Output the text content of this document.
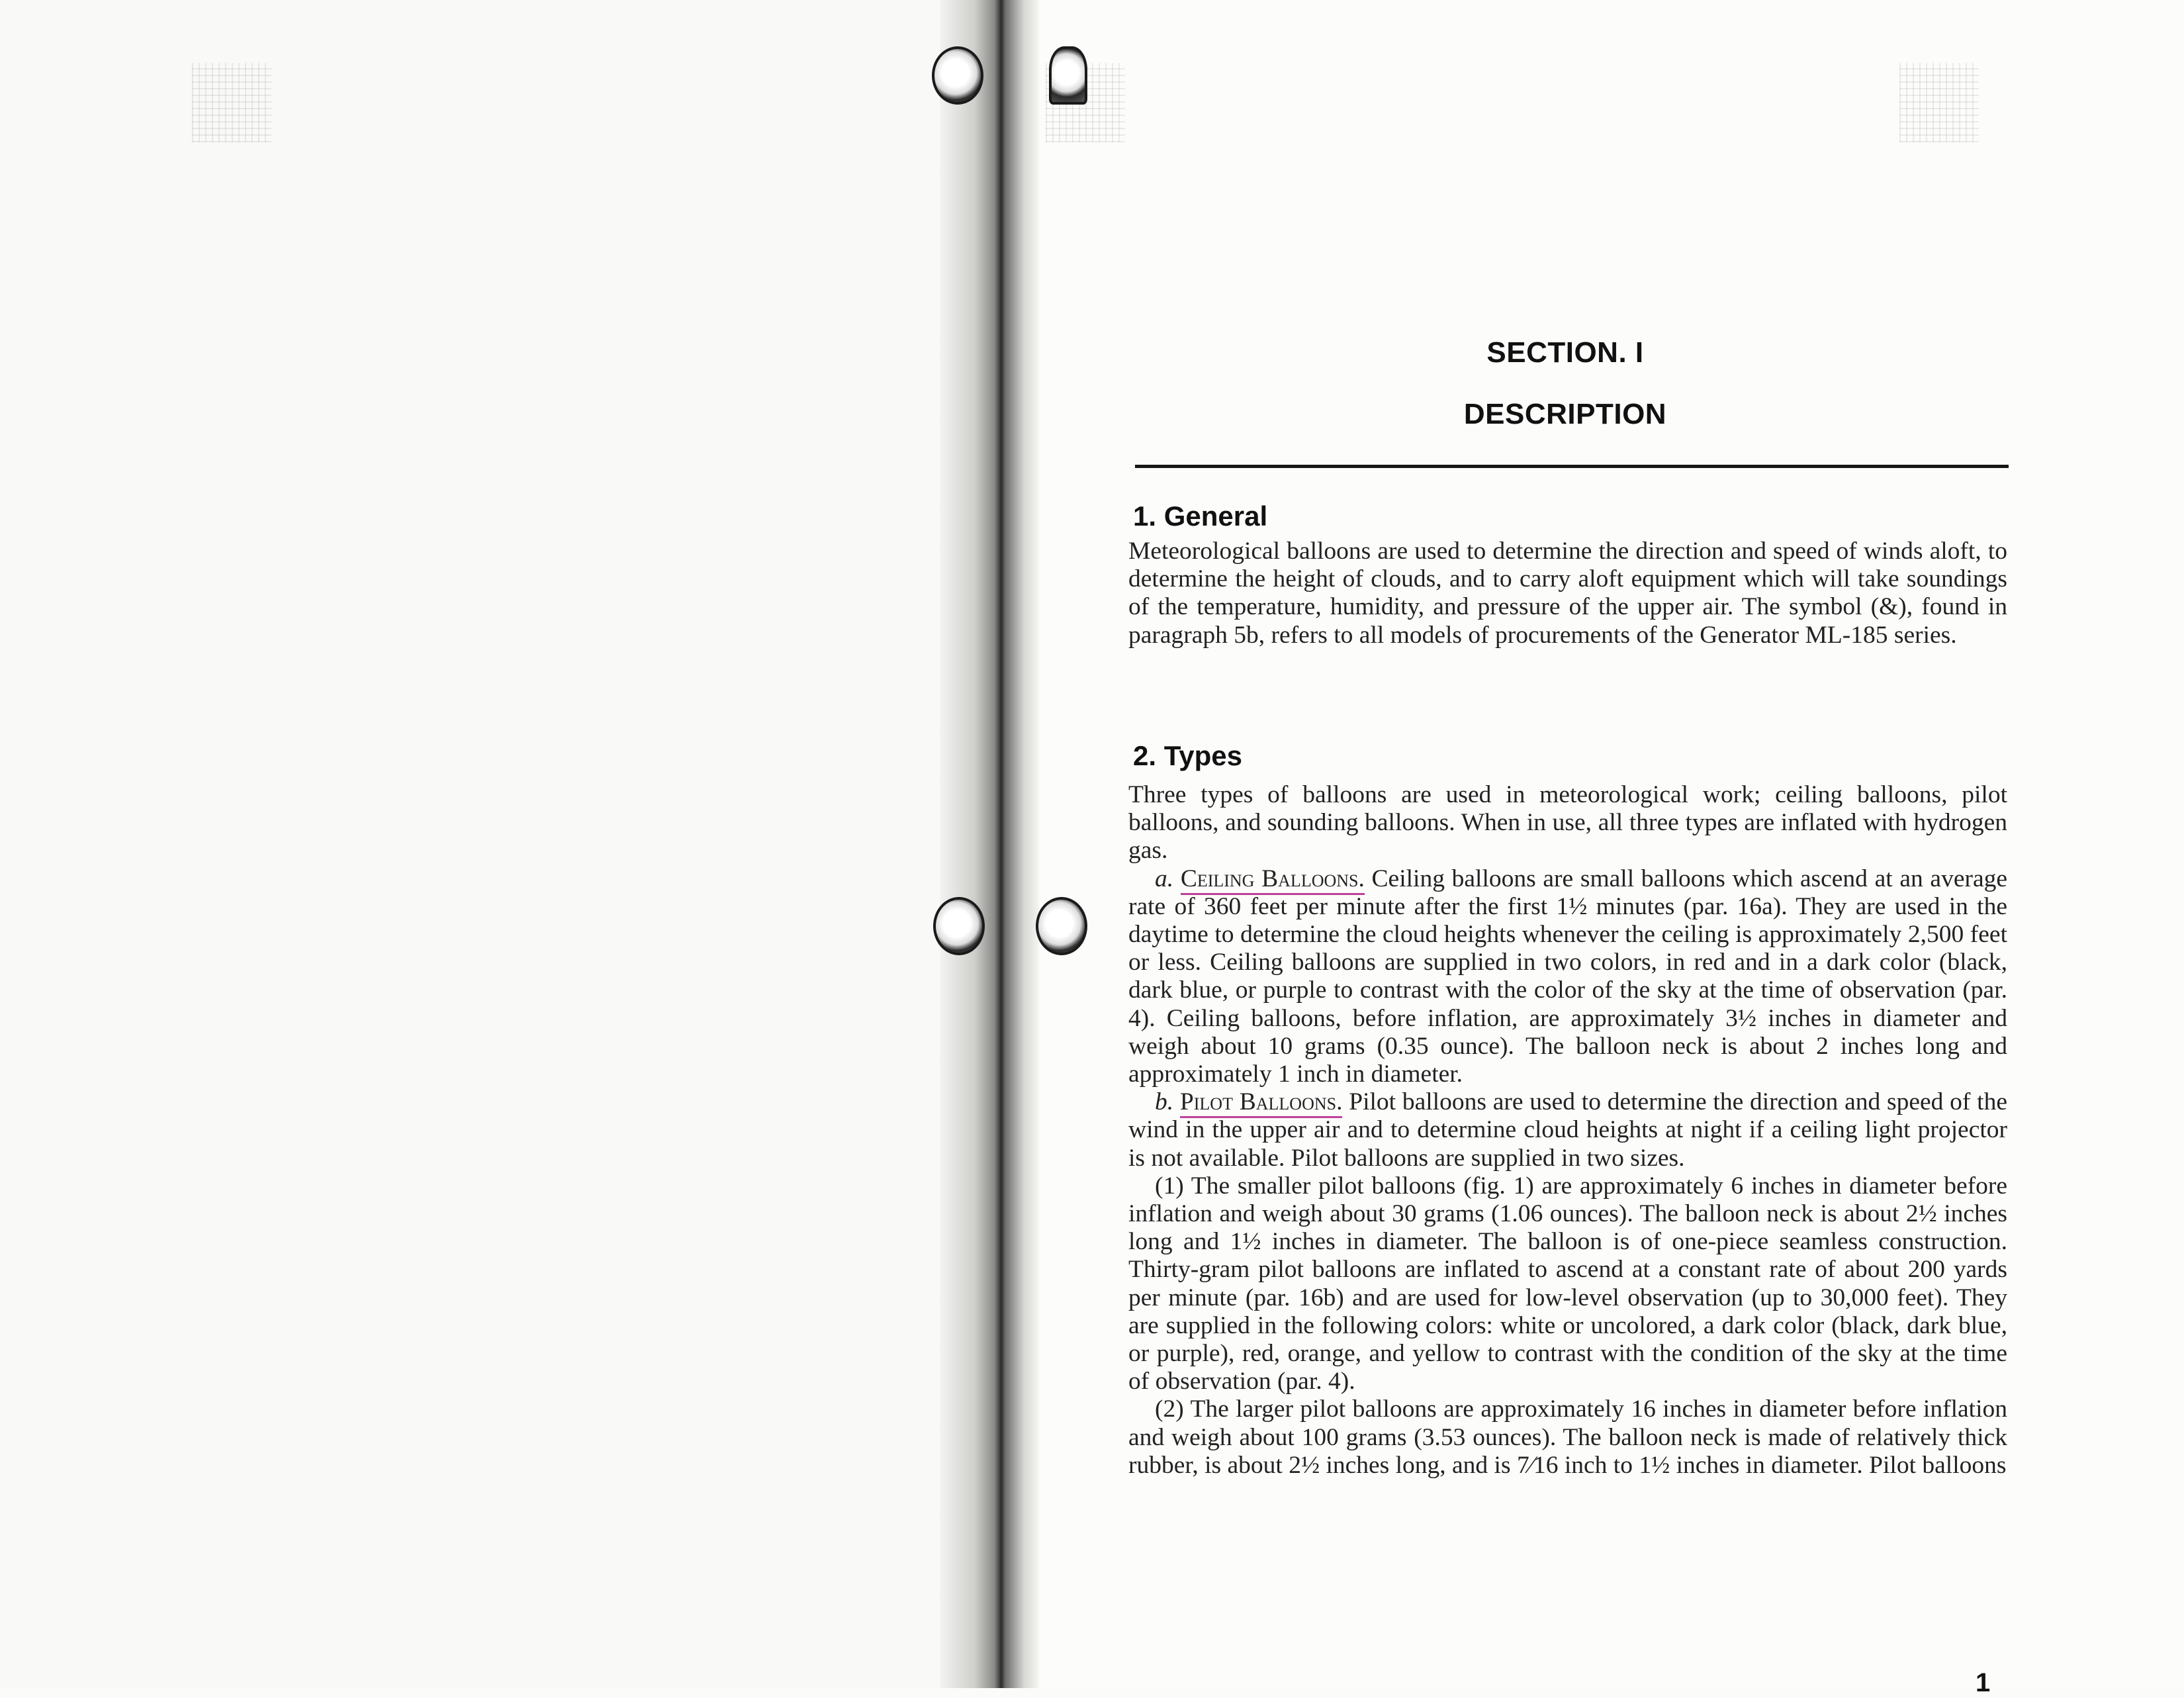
SECTION. I
DESCRIPTION
1. General

Meteorological balloons are used to determine the direction and speed of winds aloft, to determine the height of clouds, and to carry aloft equipment which will take soundings of the temperature, humidity, and pressure of the upper air. The symbol (&), found in paragraph 5b, refers to all models of procurements of the Generator ML-185 series.

2. Types

Three types of balloons are used in meteorological work; ceiling balloons, pilot balloons, and sounding balloons. When in use, all three types are inflated with hydrogen gas.

a. Ceiling Balloons. Ceiling balloons are small balloons which ascend at an average rate of 360 feet per minute after the first 1½ minutes (par. 16a). They are used in the daytime to determine the cloud heights whenever the ceiling is approximately 2,500 feet or less. Ceiling balloons are supplied in two colors, in red and in a dark color (black, dark blue, or purple to contrast with the color of the sky at the time of observation (par. 4). Ceiling balloons, before inflation, are approximately 3½ inches in diameter and weigh about 10 grams (0.35 ounce). The balloon neck is about 2 inches long and approximately 1 inch in diameter.

b. Pilot Balloons. Pilot balloons are used to determine the direction and speed of the wind in the upper air and to determine cloud heights at night if a ceiling light projector is not available. Pilot balloons are supplied in two sizes.

(1) The smaller pilot balloons (fig. 1) are approximately 6 inches in diameter before inflation and weigh about 30 grams (1.06 ounces). The balloon neck is about 2½ inches long and 1½ inches in diameter. The balloon is of one-piece seamless construction. Thirty-gram pilot balloons are inflated to ascend at a constant rate of about 200 yards per minute (par. 16b) and are used for low-level observation (up to 30,000 feet). They are supplied in the following colors: white or uncolored, a dark color (black, dark blue, or purple), red, orange, and yellow to contrast with the condition of the sky at the time of observation (par. 4).

(2) The larger pilot balloons are approximately 16 inches in diameter before inflation and weigh about 100 grams (3.53 ounces). The balloon neck is made of relatively thick rubber, is about 2½ inches long, and is 7⁄16 inch to 1½ inches in diameter. Pilot balloons

1
